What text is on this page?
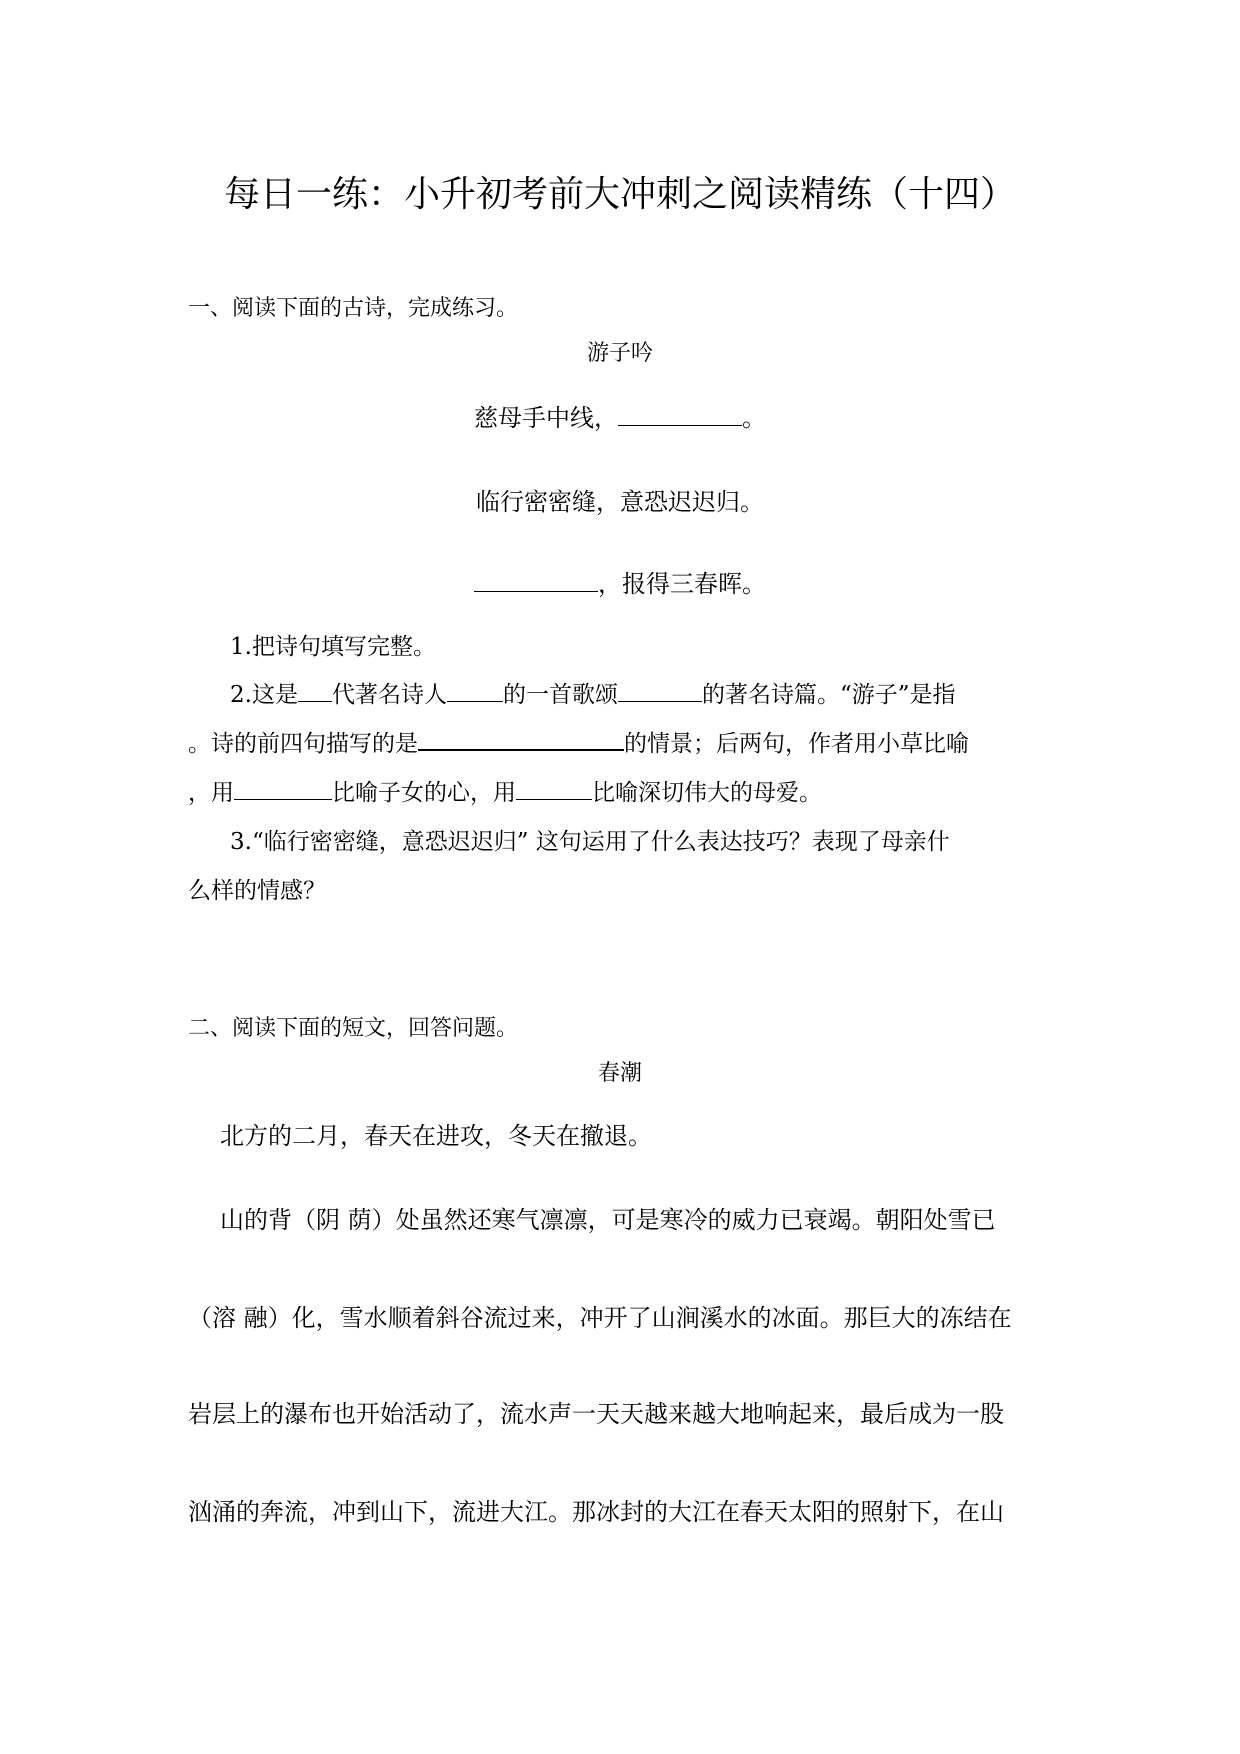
每日一练：小升初考前大冲刺之阅读精练（十四）
一、阅读下面的古诗，完成练习。
游子吟
慈母手中线，	。
临行密密缝，意恐迟迟归。
，报得三春晖。
1.把诗句填写完整。
2.这是 代著名诗人 的一首歌颂	的著名诗篇。“游子”是指
。诗的前四句描写的是	的情景；后两句，作者用小草比喻
，用	比喻子女的心，用	比喻深切伟大的母爱。
3.“临行密密缝，意恐迟迟归” 这句运用了什么表达技巧？表现了母亲什
么样的情感？
二、阅读下面的短文，回答问题。
春潮
北方的二月，春天在进攻，冬天在撤退。
山的背（阴 荫）处虽然还寒气凛凛，可是寒冷的威力已衰竭。朝阳处雪已
（溶 融）化，雪水顺着斜谷流过来，冲开了山涧溪水的冰面。那巨大的冻结在
岩层上的瀑布也开始活动了，流水声一天天越来越大地响起来，最后成为一股
汹涌的奔流，冲到山下，流进大江。那冰封的大江在春天太阳的照射下，在山
